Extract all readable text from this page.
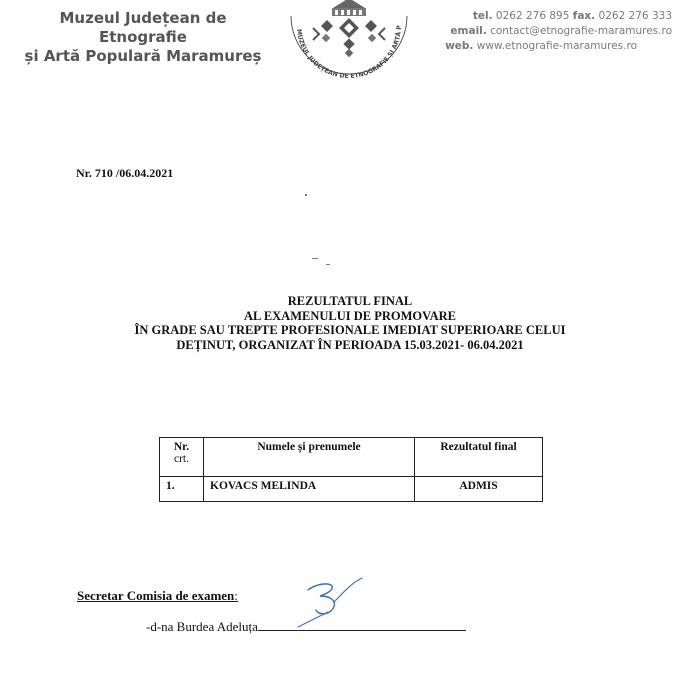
Muzeul Județean de Etnografie
și Artă Populară Maramureș
MUZEUL JUDEȚEAN DE ETNOGRAFIE ȘI ARTĂ P
tel. 0262 276 895 fax. 0262 276 333
email. contact@etnografie-maramures.ro
web. www.etnografie-maramures.ro
Nr. 710 /06.04.2021
REZULTATUL FINAL
AL EXAMENULUI DE PROMOVARE
ÎN GRADE SAU TREPTE PROFESIONALE IMEDIAT SUPERIOARE CELUI
DEȚINUT, ORGANIZAT ÎN PERIOADA 15.03.2021- 06.04.2021
Nr.
crt.	Numele și prenumele	Rezultatul final
1.	KOVACS MELINDA	ADMIS
Secretar Comisia de examen:
-d-na Burdea Adeluța
